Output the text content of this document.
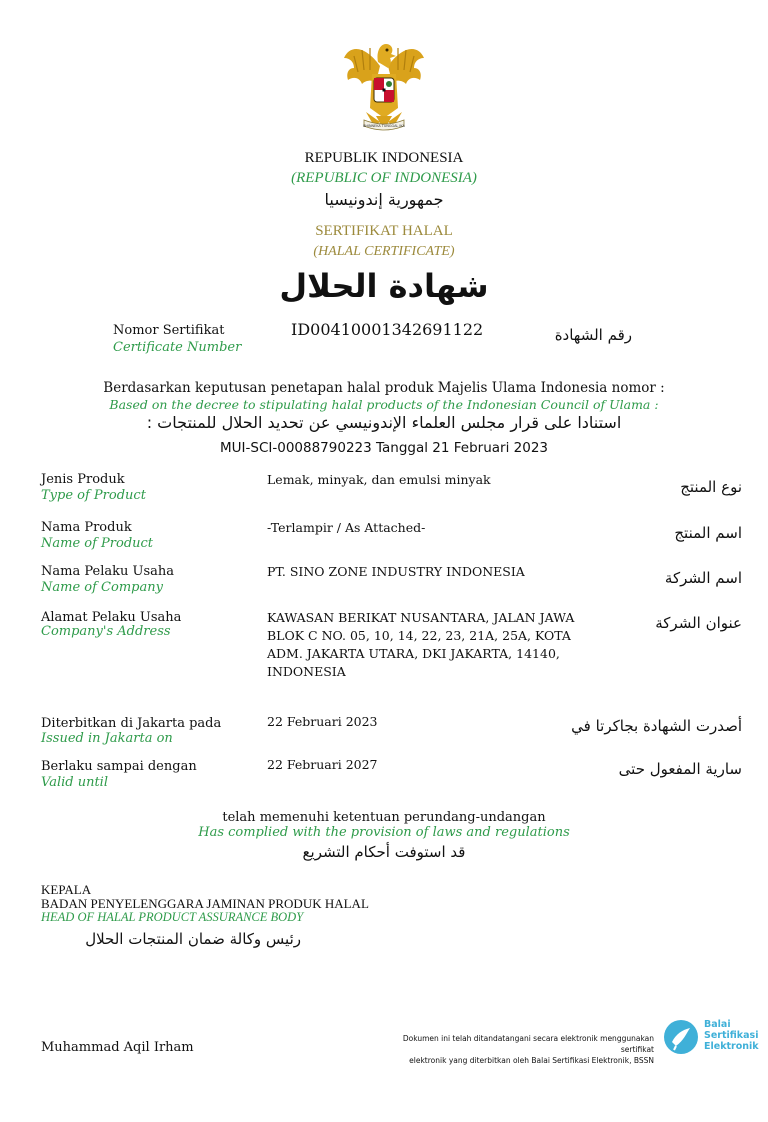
BHINNEKA TUNGGAL IKA
REPUBLIK INDONESIA
(REPUBLIC OF INDONESIA)
جمهورية إندونيسيا
SERTIFIKAT HALAL
(HALAL CERTIFICATE)
شهادة الحلال
Nomor Sertifikat
Certificate Number
ID00410001342691122	رقم الشهادة
Berdasarkan keputusan penetapan halal produk Majelis Ulama Indonesia nomor :
Based on the decree to stipulating halal products of the Indonesian Council of Ulama :
استنادا على قرار مجلس العلماء الإندونيسي عن تحديد الحلال للمنتجات :
MUI-SCI-00088790223 Tanggal 21 Februari 2023
Jenis Produk
Type of Product
Lemak, minyak, dan emulsi minyak	نوع المنتج
Nama Produk
Name of Product
-Terlampir / As Attached-	اسم المنتج
Nama Pelaku Usaha
Name of Company
PT. SINO ZONE INDUSTRY INDONESIA	اسم الشركة
Alamat Pelaku Usaha
Company's Address
KAWASAN BERIKAT NUSANTARA, JALAN JAWA
BLOK C NO. 05, 10, 14, 22, 23, 21A, 25A, KOTA
ADM. JAKARTA UTARA, DKI JAKARTA, 14140,
INDONESIA
عنوان الشركة
Diterbitkan di Jakarta pada
Issued in Jakarta on
22 Februari 2023	أصدرت الشهادة بجاكرتا في
Berlaku sampai dengan
Valid until
22 Februari 2027	سارية المفعول حتى
telah memenuhi ketentuan perundang-undangan
Has complied with the provision of laws and regulations
قد استوفت أحكام التشريع
KEPALA
BADAN PENYELENGGARA JAMINAN PRODUK HALAL
HEAD OF HALAL PRODUCT ASSURANCE BODY
رئيس وكالة ضمان المنتجات الحلال
Muhammad Aqil Irham
Dokumen ini telah ditandatangani secara elektronik menggunakan sertifikat
elektronik yang diterbitkan oleh Balai Sertifikasi Elektronik, BSSN
Balai
Sertifikasi
Elektronik
